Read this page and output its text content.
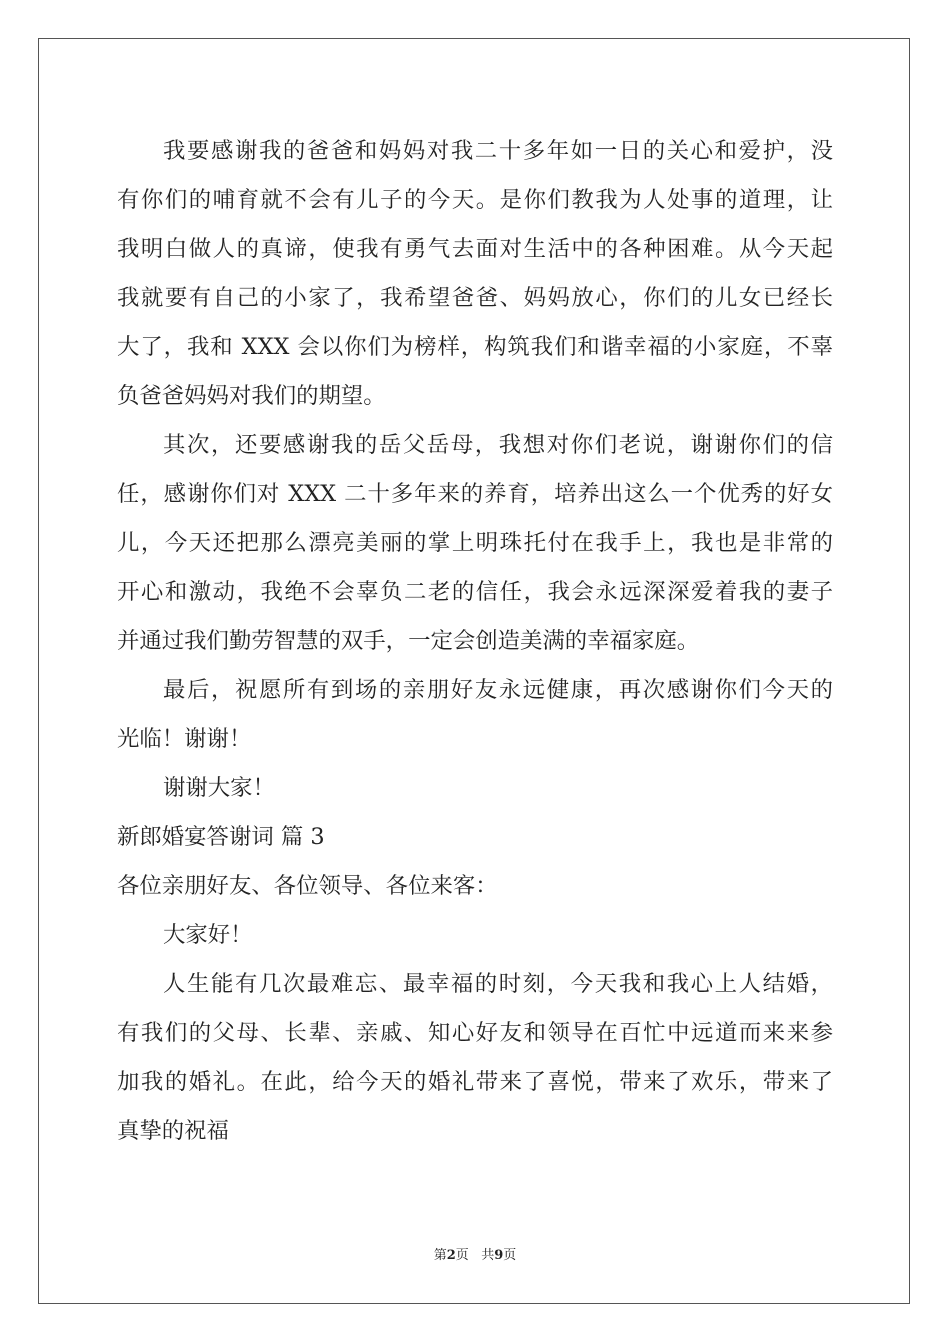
我要感谢我的爸爸和妈妈对我二十多年如一日的关心和爱护，没
有你们的哺育就不会有儿子的今天。是你们教我为人处事的道理，让
我明白做人的真谛，使我有勇气去面对生活中的各种困难。从今天起
我就要有自己的小家了，我希望爸爸、妈妈放心，你们的儿女已经长
大了，我和 XXX 会以你们为榜样，构筑我们和谐幸福的小家庭，不辜
负爸爸妈妈对我们的期望。
其次，还要感谢我的岳父岳母，我想对你们老说，谢谢你们的信
任，感谢你们对 XXX 二十多年来的养育，培养出这么一个优秀的好女
儿，今天还把那么漂亮美丽的掌上明珠托付在我手上，我也是非常的
开心和激动，我绝不会辜负二老的信任，我会永远深深爱着我的妻子
并通过我们勤劳智慧的双手，一定会创造美满的幸福家庭。
最后，祝愿所有到场的亲朋好友永远健康，再次感谢你们今天的
光临！谢谢！
谢谢大家！
新郎婚宴答谢词 篇 3
各位亲朋好友、各位领导、各位来客：
大家好！
人生能有几次最难忘、最幸福的时刻，今天我和我心上人结婚，
有我们的父母、长辈、亲戚、知心好友和领导在百忙中远道而来来参
加我的婚礼。在此，给今天的婚礼带来了喜悦，带来了欢乐，带来了
真挚的祝福
第2页 共9页
